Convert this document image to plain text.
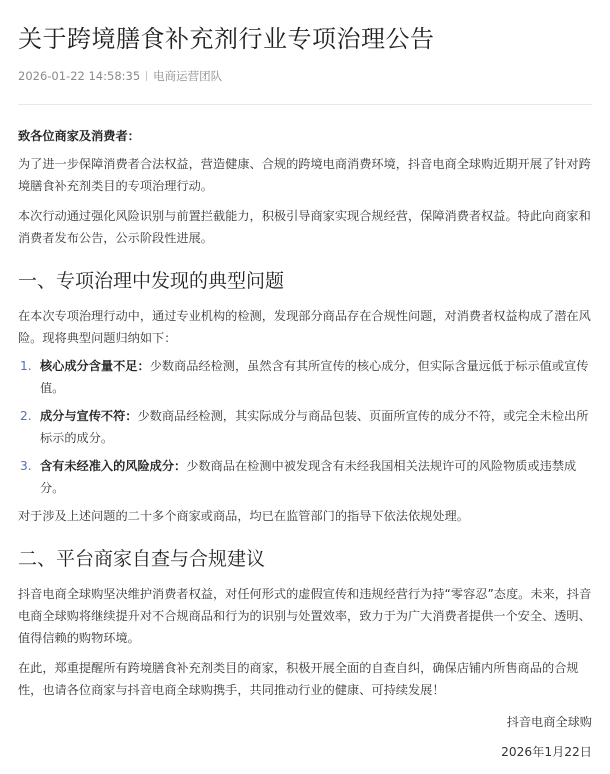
关于跨境膳食补充剂行业专项治理公告
2026-01-22 14:58:35 电商运营团队
致各位商家及消费者：

为了进一步保障消费者合法权益，营造健康、合规的跨境电商消费环境，抖音电商全球购近期开展了针对跨境膳食补充剂类目的专项治理行动。

本次行动通过强化风险识别与前置拦截能力，积极引导商家实现合规经营，保障消费者权益。特此向商家和消费者发布公告，公示阶段性进展。

一、专项治理中发现的典型问题

在本次专项治理行动中，通过专业机构的检测，发现部分商品存在合规性问题，对消费者权益构成了潜在风险。现将典型问题归纳如下：

1. 核心成分含量不足：少数商品经检测，虽然含有其所宣传的核心成分，但实际含量远低于标示值或宣传值。
2. 成分与宣传不符：少数商品经检测，其实际成分与商品包装、页面所宣传的成分不符，或完全未检出所标示的成分。
3. 含有未经准入的风险成分：少数商品在检测中被发现含有未经我国相关法规许可的风险物质或违禁成分。

对于涉及上述问题的二十多个商家或商品，均已在监管部门的指导下依法依规处理。

二、平台商家自查与合规建议

抖音电商全球购坚决维护消费者权益，对任何形式的虚假宣传和违规经营行为持“零容忍”态度。未来，抖音电商全球购将继续提升对不合规商品和行为的识别与处置效率，致力于为广大消费者提供一个安全、透明、值得信赖的购物环境。

在此，郑重提醒所有跨境膳食补充剂类目的商家，积极开展全面的自查自纠，确保店铺内所售商品的合规性，也请各位商家与抖音电商全球购携手，共同推动行业的健康、可持续发展！

抖音电商全球购
2026年1月22日
